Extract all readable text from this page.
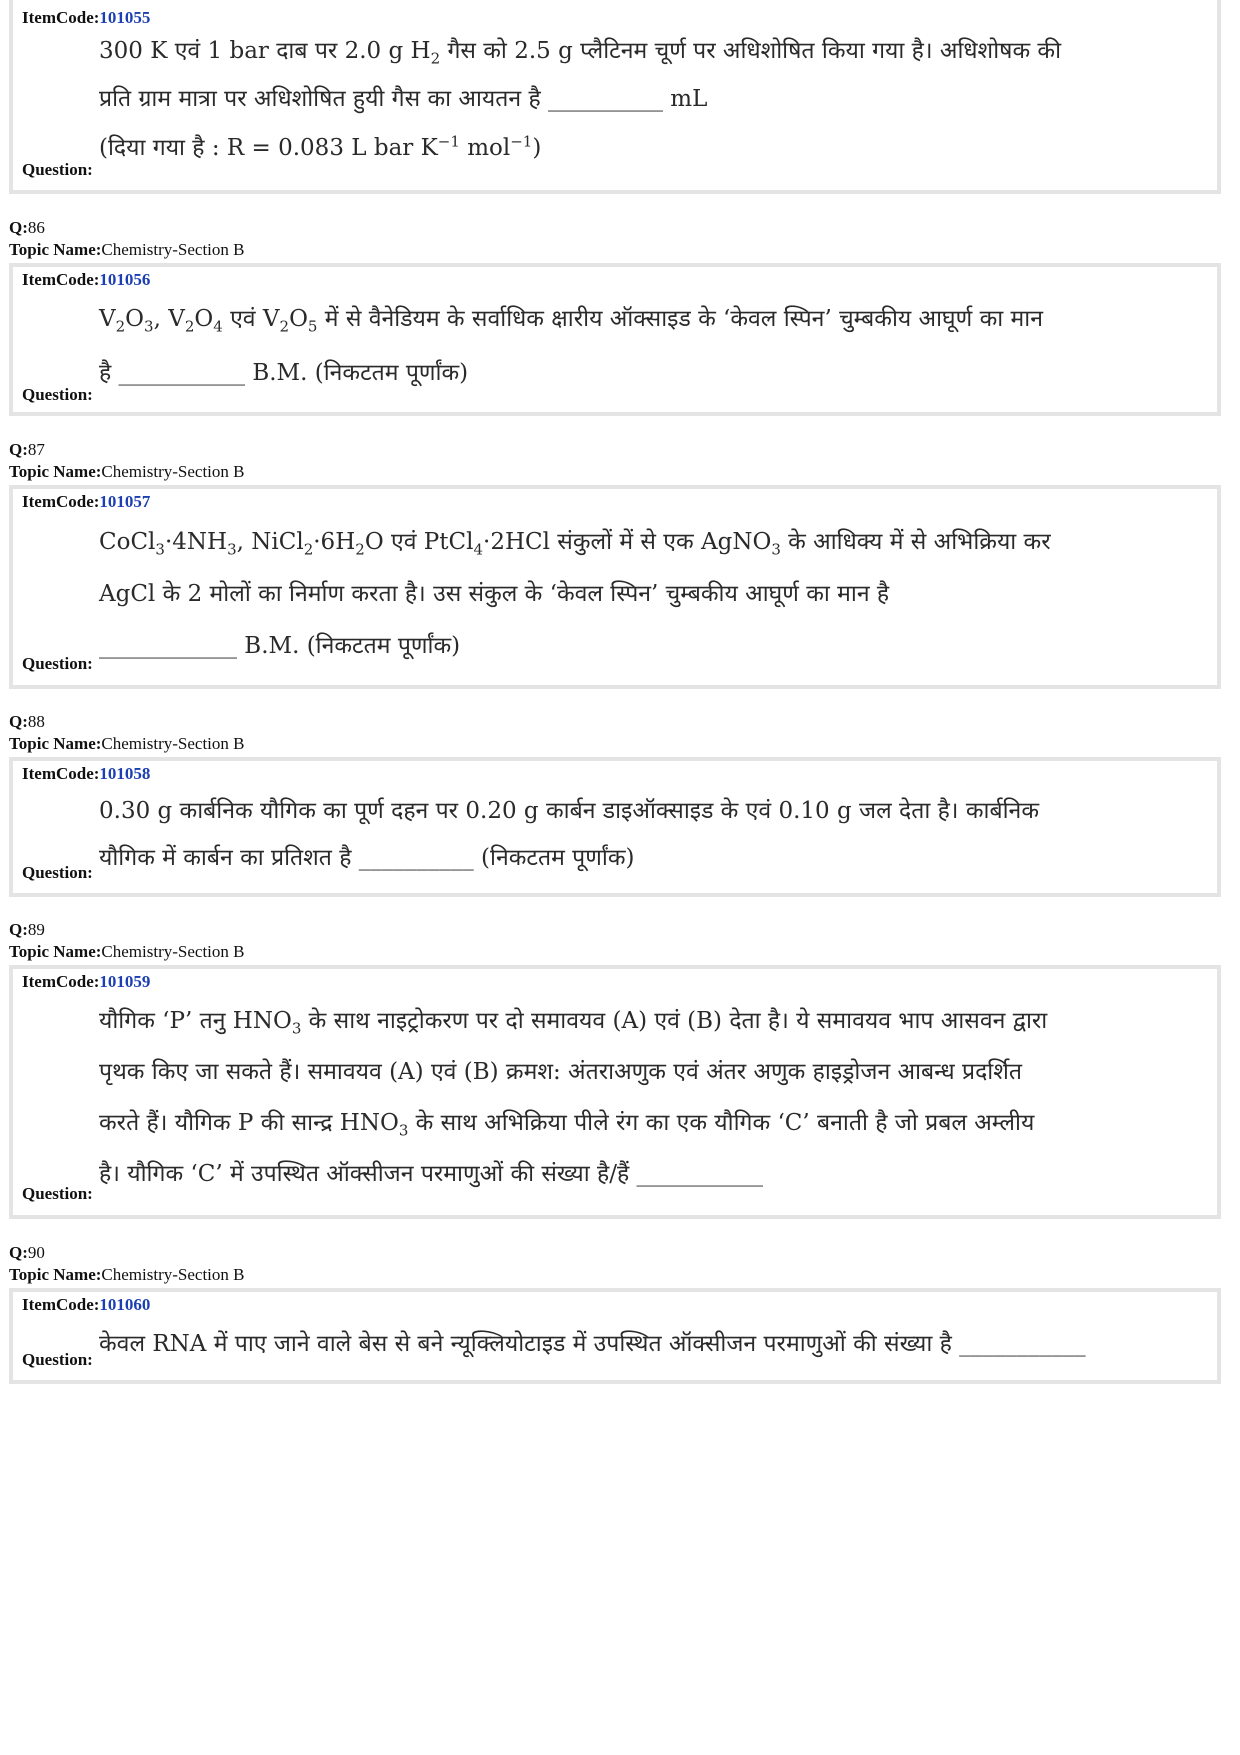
ItemCode:101055
300 K एवं 1 bar दाब पर 2.0 g $H_2$ गैस को 2.5 g प्लैटिनम चूर्ण पर अधिशोषित किया गया है। अधिशोषक की
प्रति ग्राम मात्रा पर अधिशोषित हुयी गैस का आयतन है __________ mL
(दिया गया है : R = 0.083 L bar $K^{-1}$ mol$^{-1}$)
Question:
Q:86
Topic Name:Chemistry-Section B
ItemCode:101056
$V_2O_3$, $V_2O_4$ एवं $V_2O_5$ में से वैनेडियम के सर्वाधिक क्षारीय ऑक्साइड के ‘केवल स्पिन’ चुम्बकीय आघूर्ण का मान
है ___________ B.M. (निकटतम पूर्णांक)
Question:
Q:87
Topic Name:Chemistry-Section B
ItemCode:101057
$CoCl_3\cdot 4NH_3$, $NiCl_2\cdot 6H_2O$ एवं PtCl$_4$·2HCl संकुलों में से एक AgNO$_3$ के आधिक्य में से अभिक्रिया कर
AgCl के 2 मोलों का निर्माण करता है। उस संकुल के ‘केवल स्पिन’ चुम्बकीय आघूर्ण का मान है
____________ B.M. (निकटतम पूर्णांक)
Question:
Q:88
Topic Name:Chemistry-Section B
ItemCode:101058
0.30 g कार्बनिक यौगिक का पूर्ण दहन पर 0.20 g कार्बन डाइऑक्साइड के एवं 0.10 g जल देता है। कार्बनिक
यौगिक में कार्बन का प्रतिशत है __________ (निकटतम पूर्णांक)
Question:
Q:89
Topic Name:Chemistry-Section B
ItemCode:101059
यौगिक ‘P’ तनु $HNO_3$ के साथ नाइट्रोकरण पर दो समावयव (A) एवं (B) देता है। ये समावयव भाप आसवन द्वारा
पृथक किए जा सकते हैं। समावयव (A) एवं (B) क्रमश: अंतराअणुक एवं अंतर अणुक हाइड्रोजन आबन्ध प्रदर्शित
करते हैं। यौगिक P की सान्द्र $HNO_3$ के साथ अभिक्रिया पीले रंग का एक यौगिक ‘C’ बनाती है जो प्रबल अम्लीय
है। यौगिक ‘C’ में उपस्थित ऑक्सीजन परमाणुओं की संख्या है/हैं ___________
Question:
Q:90
Topic Name:Chemistry-Section B
ItemCode:101060
केवल RNA में पाए जाने वाले बेस से बने न्यूक्लियोटाइड में उपस्थित ऑक्सीजन परमाणुओं की संख्या है ___________
Question:
